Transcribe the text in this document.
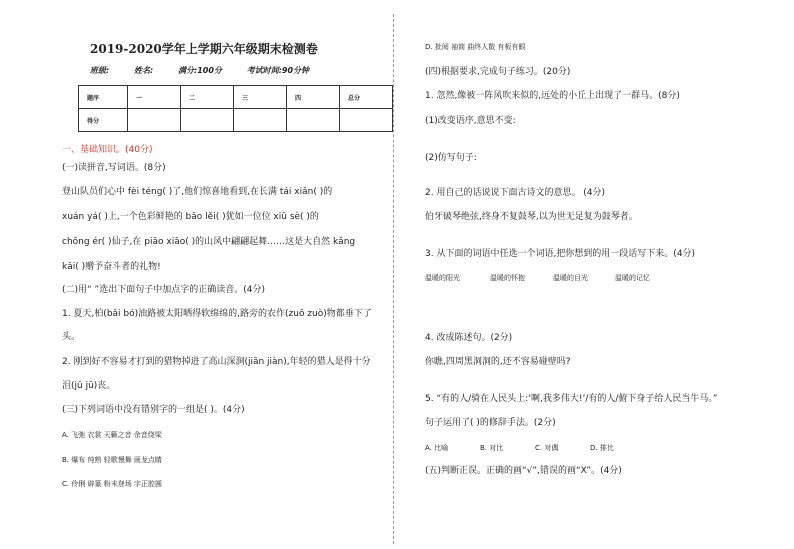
2019-2020学年上学期六年级期末检测卷
班级:	姓名:	满分:100分	考试时间:90分钟
题序	一	二	三	四	总分
得分					
一、基础知识。(40分)
(一)读拼音,写词语。(8分)
登山队员们心中 fèi téng( )了,他们惊喜地看到,在长满 tái xiǎn( )的
xuán yá( )上,一个色彩鲜艳的 bāo lěi( )犹如一位位 xiū sè( )的
chōng ér( )仙子,在 piāo xiāo( )的山风中翩翩起舞……这是大自然 kǎng
kǎi( )赠予奋斗者的礼物!
(二)用“ ”选出下面句子中加点字的正确读音。(4分)
1. 夏天,柏(bǎi bó)油路被太阳晒得软绵绵的,路旁的农作(zuō zuò)物都垂下了
头。
2. 刚到好不容易才打到的猎物掉进了高山深涧(jiān jiàn),年轻的猎人是得十分
沮(jǔ jū)丧。
(三)下列词语中没有错别字的一组是( )。(4分)
A. 飞弛 衣裳 天籁之音 余音绕梁
B. 爆布 纯熟 轻歌慢舞 画龙点睛
C. 伶俐 辟篆 粉末登场 字正腔圆
D. 批阅 袖筒 曲终人散 有板有眼
(四)根据要求,完成句子练习。(20分)
1. 忽然,像被一阵风吹来似的,远处的小丘上出现了一群马。(8分)
(1)改变语序,意思不变:
(2)仿写句子:
2. 用自己的话说说下面古诗文的意思。 (4分)
伯牙破琴绝弦,终身不复鼓琴,以为世无足复为鼓琴者。
3. 从下面的词语中任选一个词语,把你想到的用一段话写下来。(4分)
温暖的阳光	温暖的怀抱	温暖的目光	温暖的记忆
4. 改成陈述句。(2分)
你瞧,四周黑洞洞的,还不容易碰壁吗?
5. “有的人/骑在人民头上:‘啊,我多伟大!’/有的人/俯下身子给人民当牛马。”
句子运用了( )的修辞手法。(2分)
A. 比喻	B. 对比	C. 对偶	D. 排比
(五)判断正误。正确的画“√”,错误的画“X”。(4分)
